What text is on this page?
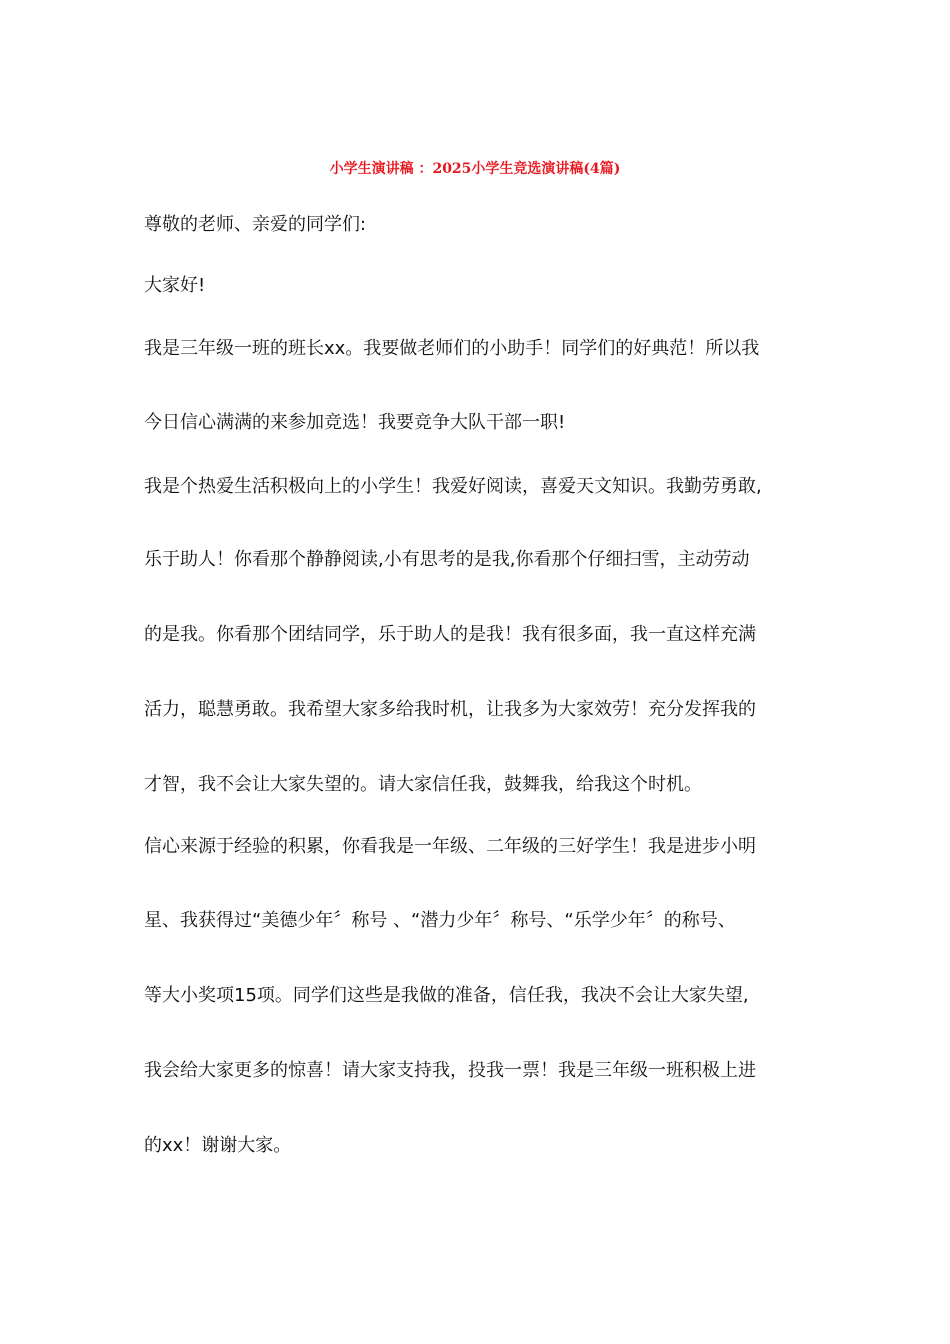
小学生演讲稿 ：2025小学生竞选演讲稿(4篇)
尊敬的老师、亲爱的同学们:
大家好!
我是三年级一班的班长xx。我要做老师们的小助手！同学们的好典范！所以我
今日信心满满的来参加竞选！我要竞争大队干部一职!
我是个热爱生活积极向上的小学生！我爱好阅读，喜爱天文知识。我勤劳勇敢,
乐于助人！你看那个静静阅读,小有思考的是我,你看那个仔细扫雪，主动劳动
的是我。你看那个团结同学，乐于助人的是我！我有很多面，我一直这样充满
活力，聪慧勇敢。我希望大家多给我时机，让我多为大家效劳！充分发挥我的
才智，我不会让大家失望的。请大家信任我，鼓舞我，给我这个时机。
信心来源于经验的积累，你看我是一年级、二年级的三好学生！我是进步小明
星、我获得过“美德少年〞称号 、“潜力少年〞称号、“乐学少年〞的称号、
等大小奖项15项。同学们这些是我做的准备，信任我，我决不会让大家失望,
我会给大家更多的惊喜！请大家支持我，投我一票！我是三年级一班积极上进
的xx！谢谢大家。
